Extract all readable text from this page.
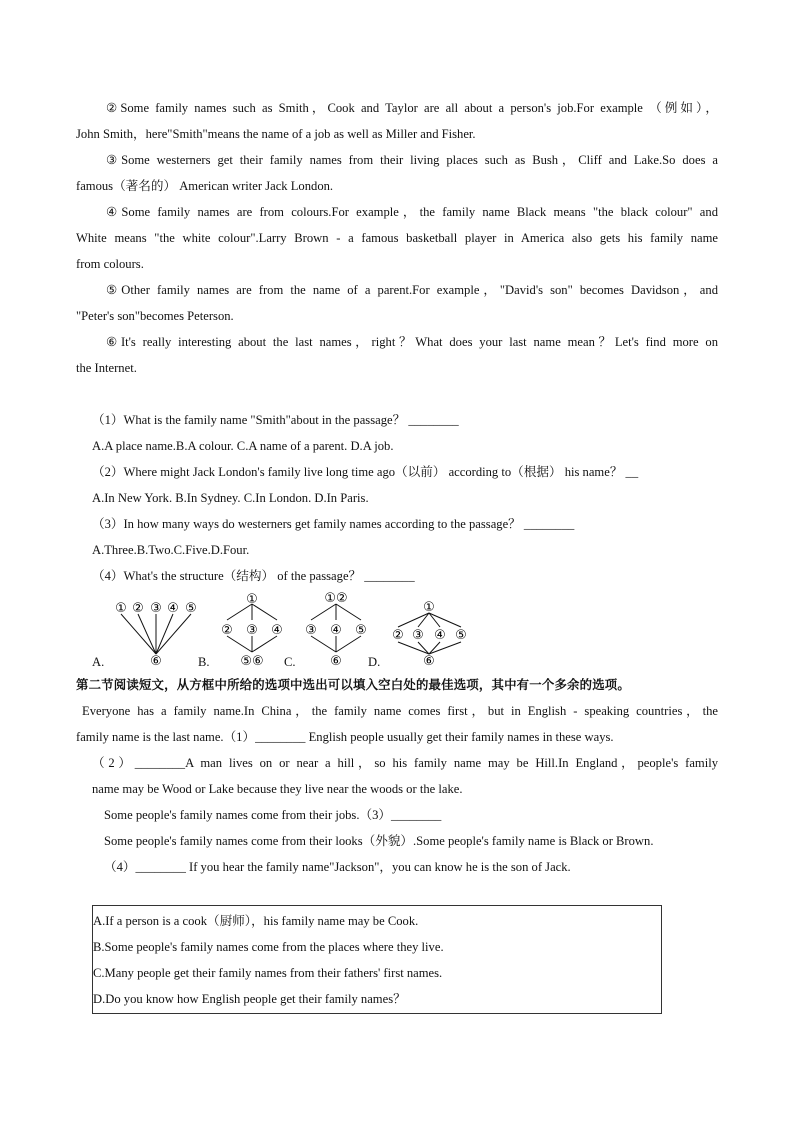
②Some family names such as Smith，Cook and Taylor are all about a person's job.For example （例如），
John Smith，here"Smith"means the name of a job as well as Miller and Fisher.
③Some westerners get their family names from their living places such as Bush，Cliff and Lake.So does a
famous（著名的） American writer Jack London.
④Some family names are from colours.For example，the family name Black means "the black colour" and
White means "the white colour".Larry Brown - a famous basketball player in America also gets his family name
from colours.
⑤Other family names are from the name of a parent.For example，"David's son" becomes Davidson，and
"Peter's son"becomes Peterson.
⑥It's really interesting about the last names，right？What does your last name mean？Let's find more on
the Internet.
（1）What is the family name "Smith"about in the passage？ ________
A.A place name.B.A colour. C.A name of a parent. D.A job.
（2）Where might Jack London's family live long time ago（以前） according to（根据） his name？ __
A.In New York. B.In Sydney. C.In London. D.In Paris.
（3）In how many ways do westerners get family names according to the passage？ ________
A.Three.B.Two.C.Five.D.Four.
（4）What's the structure（结构） of the passage？ ________
① ② ③ ④ ⑤
⑥
A.
①
② ③ ④
⑤⑥
B.
①②
③ ④ ⑤
⑥
C.
①
② ③ ④ ⑤
⑥
D.
第二节阅读短文，从方框中所给的选项中选出可以填入空白处的最佳选项，其中有一个多余的选项。
Everyone has a family name.In China，the family name comes first，but in English - speaking countries，the
family name is the last name.（1）________ English people usually get their family names in these ways.
（2）________A man lives on or near a hill，so his family name may be Hill.In England，people's family
name may be Wood or Lake because they live near the woods or the lake.
Some people's family names come from their jobs.（3）________
Some people's family names come from their looks（外貌）.Some people's family name is Black or Brown.
（4）________ If you hear the family name"Jackson"，you can know he is the son of Jack.
A.If a person is a cook（厨师），his family name may be Cook.
B.Some people's family names come from the places where they live.
C.Many people get their family names from their fathers' first names.
D.Do you know how English people get their family names？
